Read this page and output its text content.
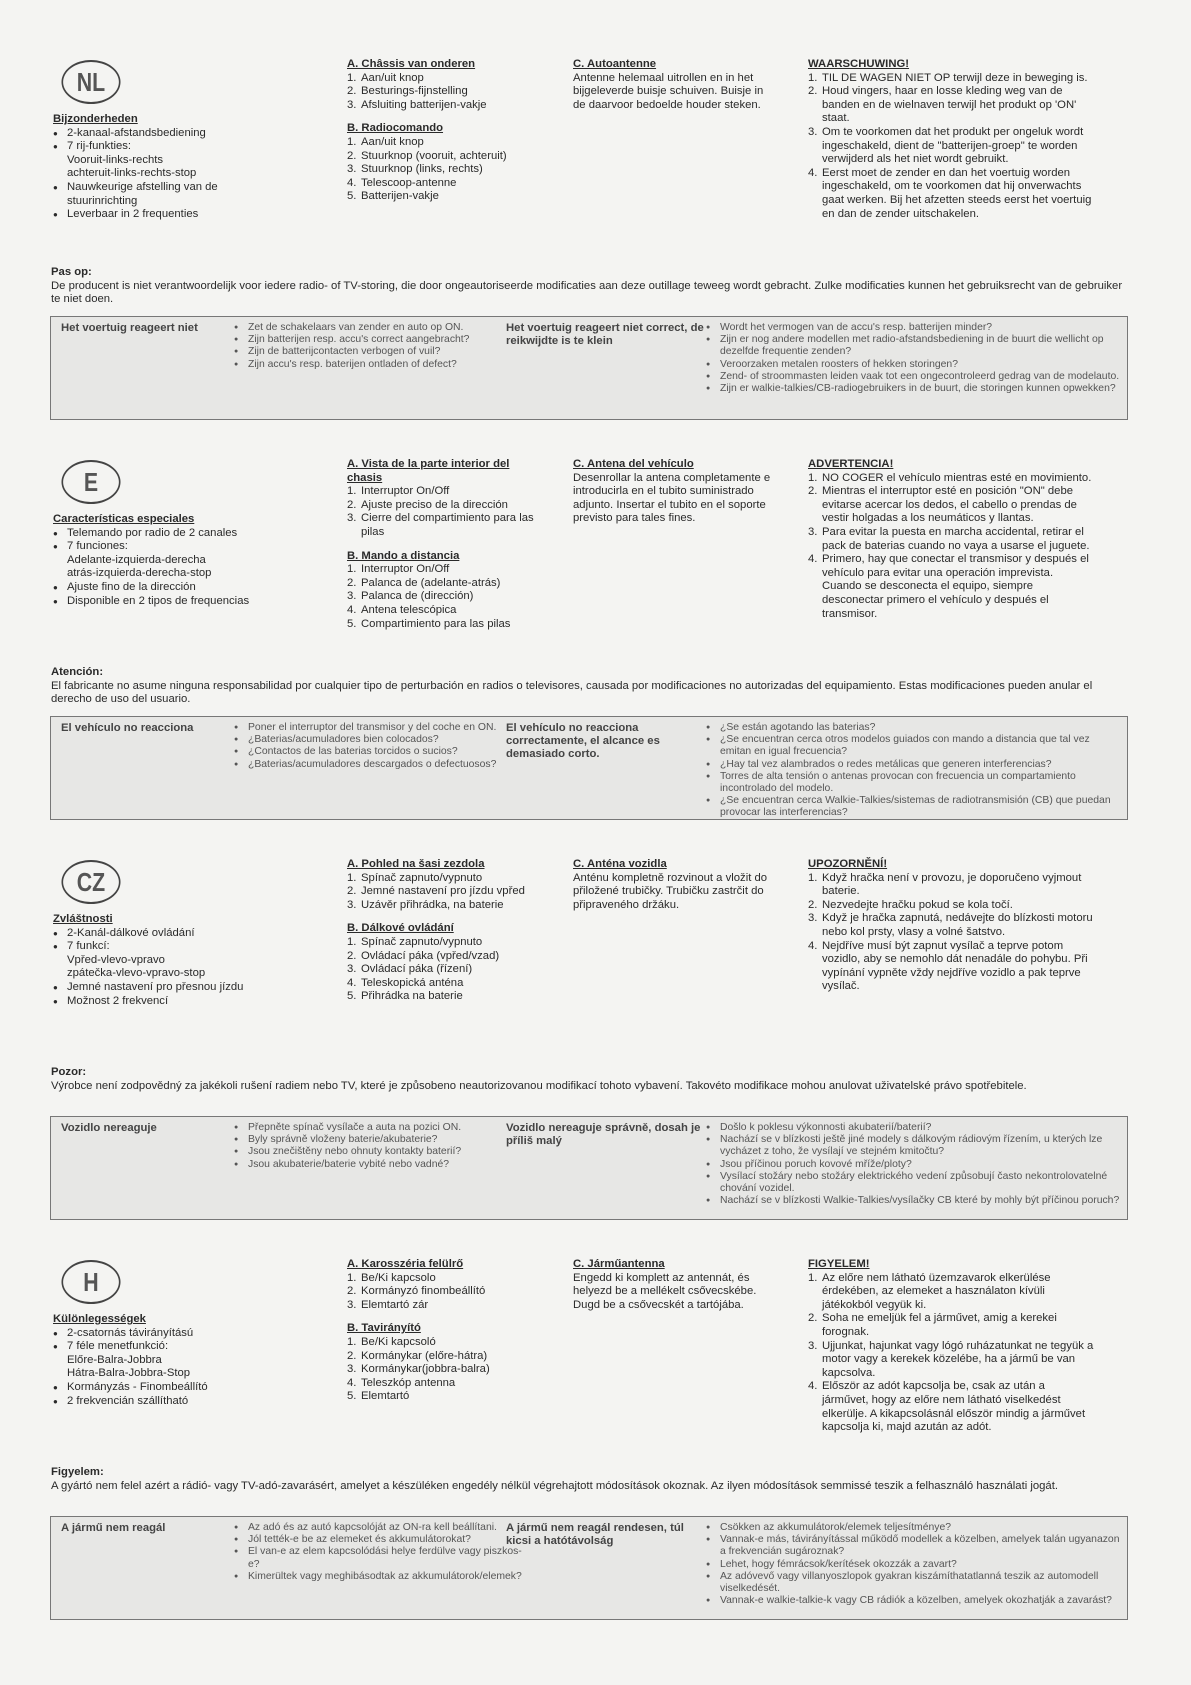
NL
Bijzonderheden
● 2-kanaal-afstandsbediening
● 7 rij-funkties:
Vooruit-links-rechts
achteruit-links-rechts-stop
● Nauwkeurige afstelling van de
stuurinrichting
● Leverbaar in 2 frequenties
A. Châssis van onderen
1. Aan/uit knop
2. Besturings-fijnstelling
3. Afsluiting batterijen-vakje
B. Radiocomando
1. Aan/uit knop
2. Stuurknop (vooruit, achteruit)
3. Stuurknop (links, rechts)
4. Telescoop-antenne
5. Batterijen-vakje
C. Autoantenne
Antenne helemaal uitrollen en in het bijgeleverde buisje schuiven. Buisje in de daarvoor bedoelde houder steken.
WAARSCHUWING!
1. TIL DE WAGEN NIET OP terwijl deze in beweging is.
2. Houd vingers, haar en losse kleding weg van de banden en de wielnaven terwijl het produkt op 'ON' staat.
3. Om te voorkomen dat het produkt per ongeluk wordt ingeschakeld, dient de "batterijen-groep" te worden verwijderd als het niet wordt gebruikt.
4. Eerst moet de zender en dan het voertuig worden ingeschakeld, om te voorkomen dat hij onverwachts gaat werken. Bij het afzetten steeds eerst het voertuig en dan de zender uitschakelen.
Pas op:
De producent is niet verantwoordelijk voor iedere radio- of TV-storing, die door ongeautoriseerde modificaties aan deze outillage teweeg wordt gebracht. Zulke modificaties kunnen het gebruiksrecht van de gebruiker te niet doen.
Het voertuig reageert niet	● Zet de schakelaars van zender en auto op ON.
● Zijn batterijen resp. accu's correct aangebracht?
● Zijn de batterijcontacten verbogen of vuil?
● Zijn accu's resp. baterijen ontladen of defect?
Het voertuig reageert niet correct, de reikwijdte is te klein
● Wordt het vermogen van de accu's resp. batterijen minder?
● Zijn er nog andere modellen met radio-afstandsbediening in de buurt die wellicht op dezelfde frequentie zenden?
● Veroorzaken metalen roosters of hekken storingen?
● Zend- of stroommasten leiden vaak tot een ongecontroleerd gedrag van de modelauto.
● Zijn er walkie-talkies/CB-radiogebruikers in de buurt, die storingen kunnen opwekken?
E
Características especiales
● Telemando por radio de 2 canales
● 7 funciones:
Adelante-izquierda-derecha
atrás-izquierda-derecha-stop
● Ajuste fino de la dirección
● Disponible en 2 tipos de frequencias
A. Vista de la parte interior del chasis
1. Interruptor On/Off
2. Ajuste preciso de la dirección
3. Cierre del compartimiento para las pilas
B. Mando a distancia
1. Interruptor On/Off
2. Palanca de (adelante-atrás)
3. Palanca de (dirección)
4. Antena telescópica
5. Compartimiento para las pilas
C. Antena del vehículo
Desenrollar la antena completamente e introducirla en el tubito suministrado adjunto. Insertar el tubito en el soporte previsto para tales fines.
ADVERTENCIA!
1. NO COGER el vehículo mientras esté en movimiento.
2. Mientras el interruptor esté en posición "ON" debe evitarse acercar los dedos, el cabello o prendas de vestir holgadas a los neumáticos y llantas.
3. Para evitar la puesta en marcha accidental, retirar el pack de baterias cuando no vaya a usarse el juguete.
4. Primero, hay que conectar el transmisor y después el vehículo para evitar una operación imprevista. Cuando se desconecta el equipo, siempre desconectar primero el vehículo y después el transmisor.
Atención:
El fabricante no asume ninguna responsabilidad por cualquier tipo de perturbación en radios o televisores, causada por modificaciones no autorizadas del equipamiento. Estas modificaciones pueden anular el derecho de uso del usuario.
El vehículo no reacciona	● Poner el interruptor del transmisor y del coche en ON.
● ¿Baterias/acumuladores bien colocados?
● ¿Contactos de las baterias torcidos o sucios?
● ¿Baterias/acumuladores descargados o defectuosos?
El vehículo no reacciona correctamente, el alcance es demasiado corto.
● ¿Se están agotando las baterias?
● ¿Se encuentran cerca otros modelos guiados con mando a distancia que tal vez emitan en igual frecuencia?
● ¿Hay tal vez alambrados o redes metálicas que generen interferencias?
● Torres de alta tensión o antenas provocan con frecuencia un compartamiento incontrolado del modelo.
● ¿Se encuentran cerca Walkie-Talkies/sistemas de radiotransmisión (CB) que puedan provocar las interferencias?
CZ
Zvláštnosti
● 2-Kanál-dálkové ovládání
● 7 funkcí:
Vpřed-vlevo-vpravo
zpátečka-vlevo-vpravo-stop
● Jemné nastavení pro přesnou jízdu
● Možnost 2 frekvencí
A. Pohled na šasi zezdola
1. Spínač zapnuto/vypnuto
2. Jemné nastavení pro jízdu vpřed
3. Uzávěr přihrádka, na baterie
B. Dálkové ovládání
1. Spínač zapnuto/vypnuto
2. Ovládací páka (vpřed/vzad)
3. Ovládací páka (řízení)
4. Teleskopická anténa
5. Přihrádka na baterie
C. Anténa vozidla
Anténu kompletně rozvinout a vložit do přiložené trubičky. Trubičku zastrčit do připraveného držáku.
UPOZORNĚNÍ!
1. Když hračka není v provozu, je doporučeno vyjmout baterie.
2. Nezvedejte hračku pokud se kola točí.
3. Když je hračka zapnutá, nedávejte do blízkosti motoru nebo kol prsty, vlasy a volné šatstvo.
4. Nejdříve musí být zapnut vysílač a teprve potom vozidlo, aby se nemohlo dát nenadále do pohybu. Při vypínání vypněte vždy nejdříve vozidlo a pak teprve vysílač.
Pozor:
Výrobce není zodpovědný za jakékoli rušení radiem nebo TV, které je způsobeno neautorizovanou modifikací tohoto vybavení. Takovéto modifikace mohou anulovat uživatelské právo spotřebitele.
Vozidlo nereaguje	● Přepněte spínač vysílače a auta na pozici ON.
● Byly správně vloženy baterie/akubaterie?
● Jsou znečištěny nebo ohnuty kontakty baterií?
● Jsou akubaterie/baterie vybité nebo vadné?
Vozidlo nereaguje správně, dosah je příliš malý
● Došlo k poklesu výkonnosti akubaterií/baterií?
● Nachází se v blízkosti ještě jiné modely s dálkovým rádiovým řízením, u kterých lze vycházet z toho, že vysílají ve stejném kmitočtu?
● Jsou příčinou poruch kovové mříže/ploty?
● Vysílací stožáry nebo stožáry elektrického vedení způsobují často nekontrolovatelné chování vozidel.
● Nachází se v blízkosti Walkie-Talkies/vysílačky CB které by mohly být příčinou poruch?
H
Különlegességek
● 2-csatornás távirányítású
● 7 féle menetfunkció:
Előre-Balra-Jobbra
Hátra-Balra-Jobbra-Stop
● Kormányzás - Finombeállító
● 2 frekvencián szállítható
A. Karosszéria felülrő
1. Be/Ki kapcsolo
2. Kormányzó finombeállító
3. Elemtartó zár
B. Tavirányító
1. Be/Ki kapcsoló
2. Kormánykar (előre-hátra)
3. Kormánykar(jobbra-balra)
4. Teleszkóp antenna
5. Elemtartó
C. Járműantenna
Engedd ki komplett az antennát, és helyezd be a mellékelt csővecskébe. Dugd be a csővecskét a tartójába.
FIGYELEM!
1. Az előre nem látható üzemzavarok elkerülése érdekében, az elemeket a használaton kívüli játékokból vegyük ki.
2. Soha ne emeljük fel a járművet, amig a kerekei forognak.
3. Ujjunkat, hajunkat vagy lógó ruházatunkat ne tegyük a motor vagy a kerekek közelébe, ha a jármű be van kapcsolva.
4. Először az adót kapcsolja be, csak az után a járművet, hogy az előre nem látható viselkedést elkerülje. A kikapcsolásnál először mindig a járművet kapcsolja ki, majd azután az adót.
Figyelem:
A gyártó nem felel azért a rádió- vagy TV-adó-zavarásért, amelyet a készüléken engedély nélkül végrehajtott módosítások okoznak. Az ilyen módosítások semmissé teszik a felhasználó használati jogát.
A jármű nem reagál	● Az adó és az autó kapcsolóját az ON-ra kell beállítani.
● Jól tették-e be az elemeket és akkumulátorokat?
● El van-e az elem kapcsolódási helye ferdülve vagy piszkos-e?
● Kimerültek vagy meghibásodtak az akkumulátorok/elemek?
A jármű nem reagál rendesen, túl kicsi a hatótávolság
● Csökken az akkumulátorok/elemek teljesítménye?
● Vannak-e más, távirányítással működő modellek a közelben, amelyek talán ugyanazon a frekvencián sugároznak?
● Lehet, hogy fémrácsok/kerítések okozzák a zavart?
● Az adóvevő vagy villanyoszlopok gyakran kiszámíthatatlanná teszik az automodell viselkedését.
● Vannak-e walkie-talkie-k vagy CB rádiók a közelben, amelyek okozhatják a zavarást?
